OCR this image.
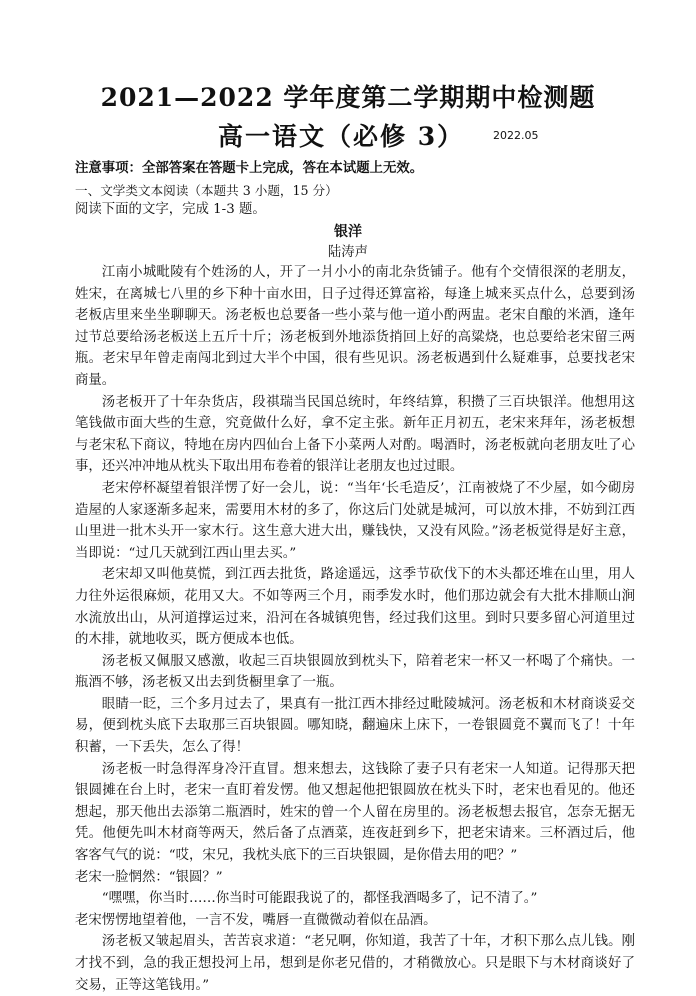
2021—2022 学年度第二学期期中检测题
高一语文（必修 3）	2022.05
注意事项：全部答案在答题卡上完成，答在本试题上无效。
一、文学类文本阅读（本题共 3 小题，15 分）
阅读下面的文字，完成 1-3 题。
银洋
陆涛声

江南小城毗陵有个姓汤的人，开了一爿小小的南北杂货铺子。他有个交情很深的老朋友，姓宋，在离城七八里的乡下种十亩水田，日子过得还算富裕，每逢上城来买点什么，总要到汤老板店里来坐坐聊聊天。汤老板也总要备一些小菜与他一道小酌两盅。老宋自酿的米酒，逢年过节总要给汤老板送上五斤十斤；汤老板到外地添货捎回上好的高粱烧，也总要给老宋留三两瓶。老宋早年曾走南闯北到过大半个中国，很有些见识。汤老板遇到什么疑难事，总要找老宋商量。

汤老板开了十年杂货店，段祺瑞当民国总统时，年终结算，积攒了三百块银洋。他想用这笔钱做市面大些的生意，究竟做什么好，拿不定主张。新年正月初五，老宋来拜年，汤老板想与老宋私下商议，特地在房内四仙台上备下小菜两人对酌。喝酒时，汤老板就向老朋友吐了心事，还兴冲冲地从枕头下取出用布卷着的银洋让老朋友也过过眼。

老宋停杯凝望着银洋愣了好一会儿，说：“当年‘长毛造反’，江南被烧了不少屋，如今砌房造屋的人家逐渐多起来，需要用木材的多了，你这后门处就是城河，可以放木排，不妨到江西山里进一批木头开一家木行。这生意大进大出，赚钱快，又没有风险。”汤老板觉得是好主意，当即说：“过几天就到江西山里去买。”

老宋却又叫他莫慌，到江西去批货，路途遥远，这季节砍伐下的木头都还堆在山里，用人力往外运很麻烦，花用又大。不如等两三个月，雨季发水时，他们那边就会有大批木排顺山涧水流放出山，从河道撑运过来，沿河在各城镇兜售，经过我们这里。到时只要多留心河道里过的木排，就地收买，既方便成本也低。

汤老板又佩服又感激，收起三百块银圆放到枕头下，陪着老宋一杯又一杯喝了个痛快。一瓶酒不够，汤老板又出去到货橱里拿了一瓶。

眼睛一眨，三个多月过去了，果真有一批江西木排经过毗陵城河。汤老板和木材商谈妥交易，便到枕头底下去取那三百块银圆。哪知晓，翻遍床上床下，一卷银圆竟不翼而飞了！十年积蓄，一下丢失，怎么了得！

汤老板一时急得浑身冷汗直冒。想来想去，这钱除了妻子只有老宋一人知道。记得那天把银圆摊在台上时，老宋一直盯着发愣。他又想起他把银圆放在枕头下时，老宋也看见的。他还想起，那天他出去添第二瓶酒时，姓宋的曾一个人留在房里的。汤老板想去报官，怎奈无据无凭。他便先叫木材商等两天，然后备了点酒菜，连夜赶到乡下，把老宋请来。三杯酒过后，他客客气气的说：“哎，宋兄，我枕头底下的三百块银圆，是你借去用的吧？”

老宋一脸惘然：“银圆？”

“嘿嘿，你当时……你当时可能跟我说了的，都怪我酒喝多了，记不清了。”

老宋愣愣地望着他，一言不发，嘴唇一直微微动着似在品酒。

汤老板又皱起眉头，苦苦哀求道：“老兄啊，你知道，我苦了十年，才积下那么点儿钱。刚才找不到，急的我正想投河上吊，想到是你老兄借的，才稍微放心。只是眼下与木材商谈好了交易，正等这笔钱用。”
